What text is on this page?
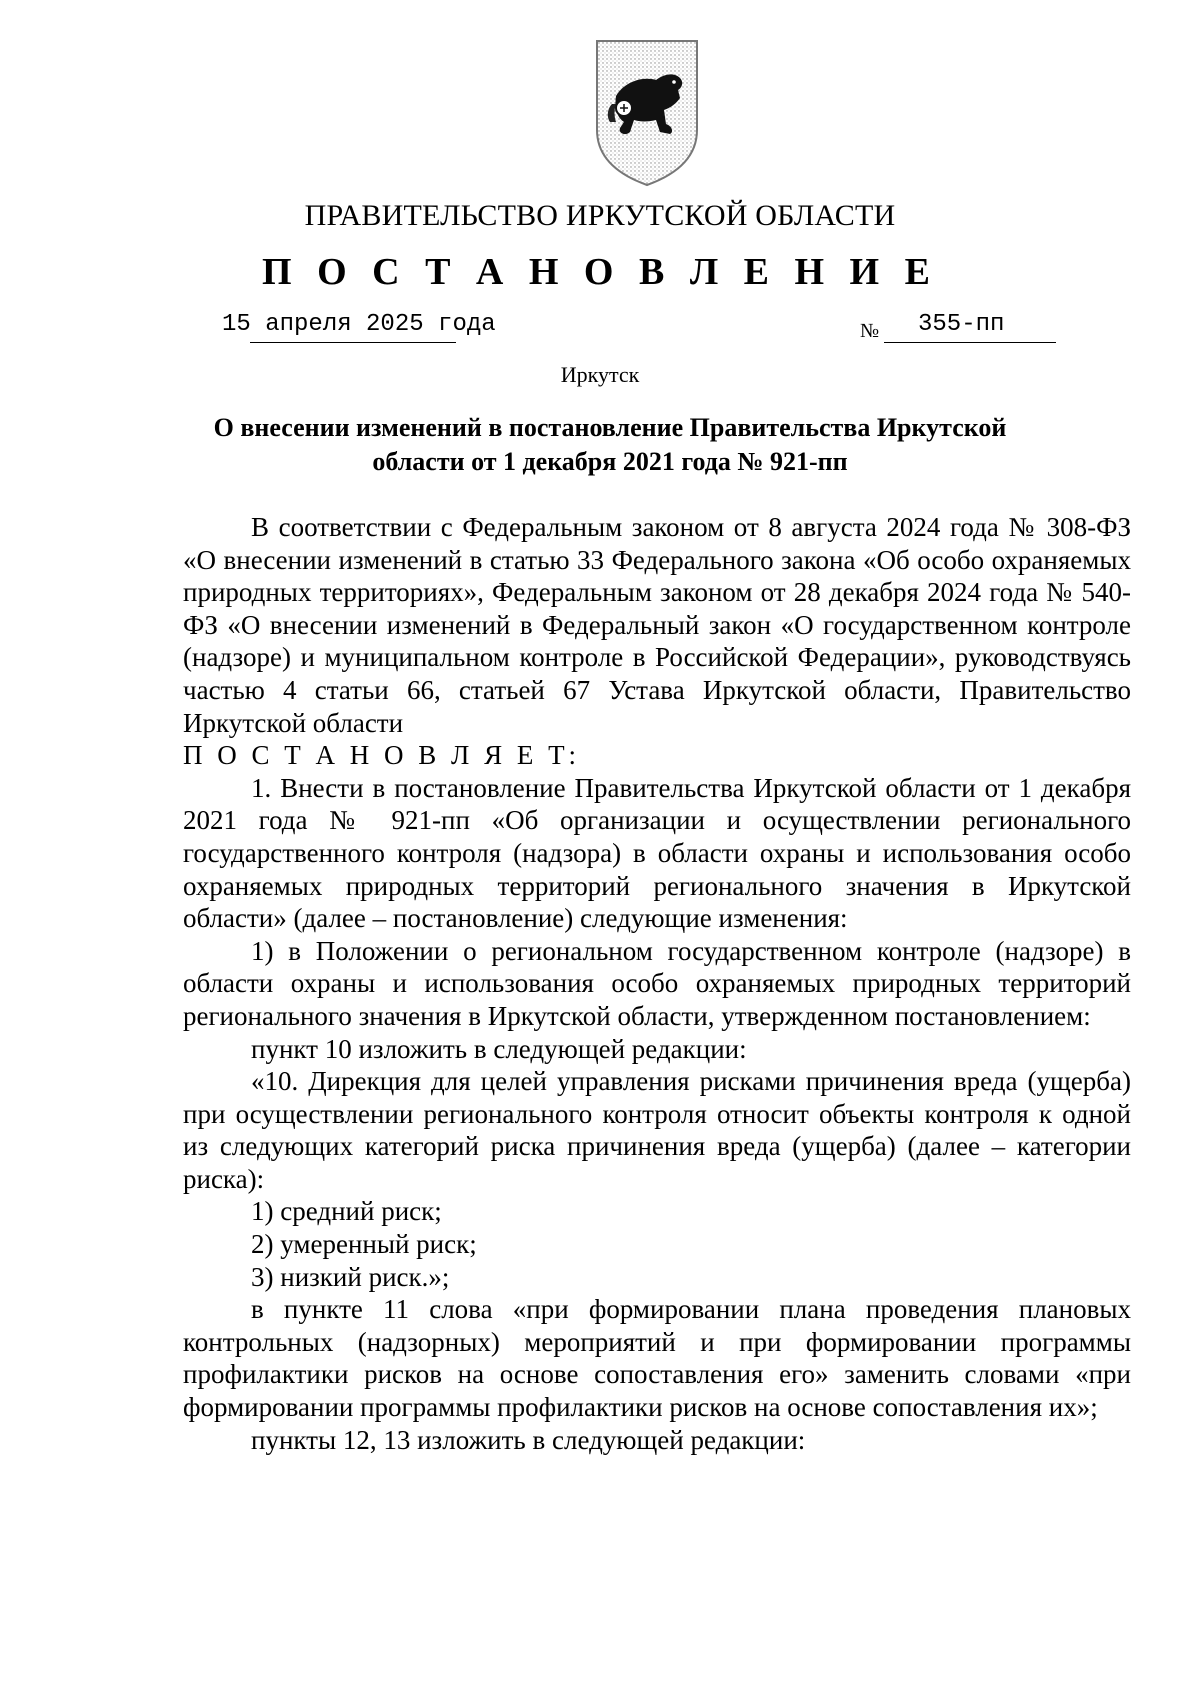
ПРАВИТЕЛЬСТВО ИРКУТСКОЙ ОБЛАСТИ
П О С Т А Н О В Л Е Н И Е
15 апреля 2025 года	№ 355-пп
Иркутск
О внесении изменений в постановление Правительства Иркутской
области от 1 декабря 2021 года № 921-пп

В соответствии с Федеральным законом от 8 августа 2024 года № 308-ФЗ «О внесении изменений в статью 33 Федерального закона «Об особо охраняемых природных территориях», Федеральным законом от 28 декабря 2024 года № 540-ФЗ «О внесении изменений в Федеральный закон «О государственном контроле (надзоре) и муниципальном контроле в Российской Федерации», руководствуясь частью 4 статьи 66, статьей 67 Устава Иркутской области, Правительство Иркутской области

П О С Т А Н О В Л Я Е Т:

1. Внести в постановление Правительства Иркутской области от 1 декабря 2021 года № 921-пп «Об организации и осуществлении регионального государственного контроля (надзора) в области охраны и использования особо охраняемых природных территорий регионального значения в Иркутской области» (далее – постановление) следующие изменения:

1) в Положении о региональном государственном контроле (надзоре) в области охраны и использования особо охраняемых природных территорий регионального значения в Иркутской области, утвержденном постановлением:

пункт 10 изложить в следующей редакции:

«10. Дирекция для целей управления рисками причинения вреда (ущерба) при осуществлении регионального контроля относит объекты контроля к одной из следующих категорий риска причинения вреда (ущерба) (далее – категории риска):

1) средний риск;

2) умеренный риск;

3) низкий риск.»;

в пункте 11 слова «при формировании плана проведения плановых контрольных (надзорных) мероприятий и при формировании программы профилактики рисков на основе сопоставления его» заменить словами «при формировании программы профилактики рисков на основе сопоставления их»;

пункты 12, 13 изложить в следующей редакции:
